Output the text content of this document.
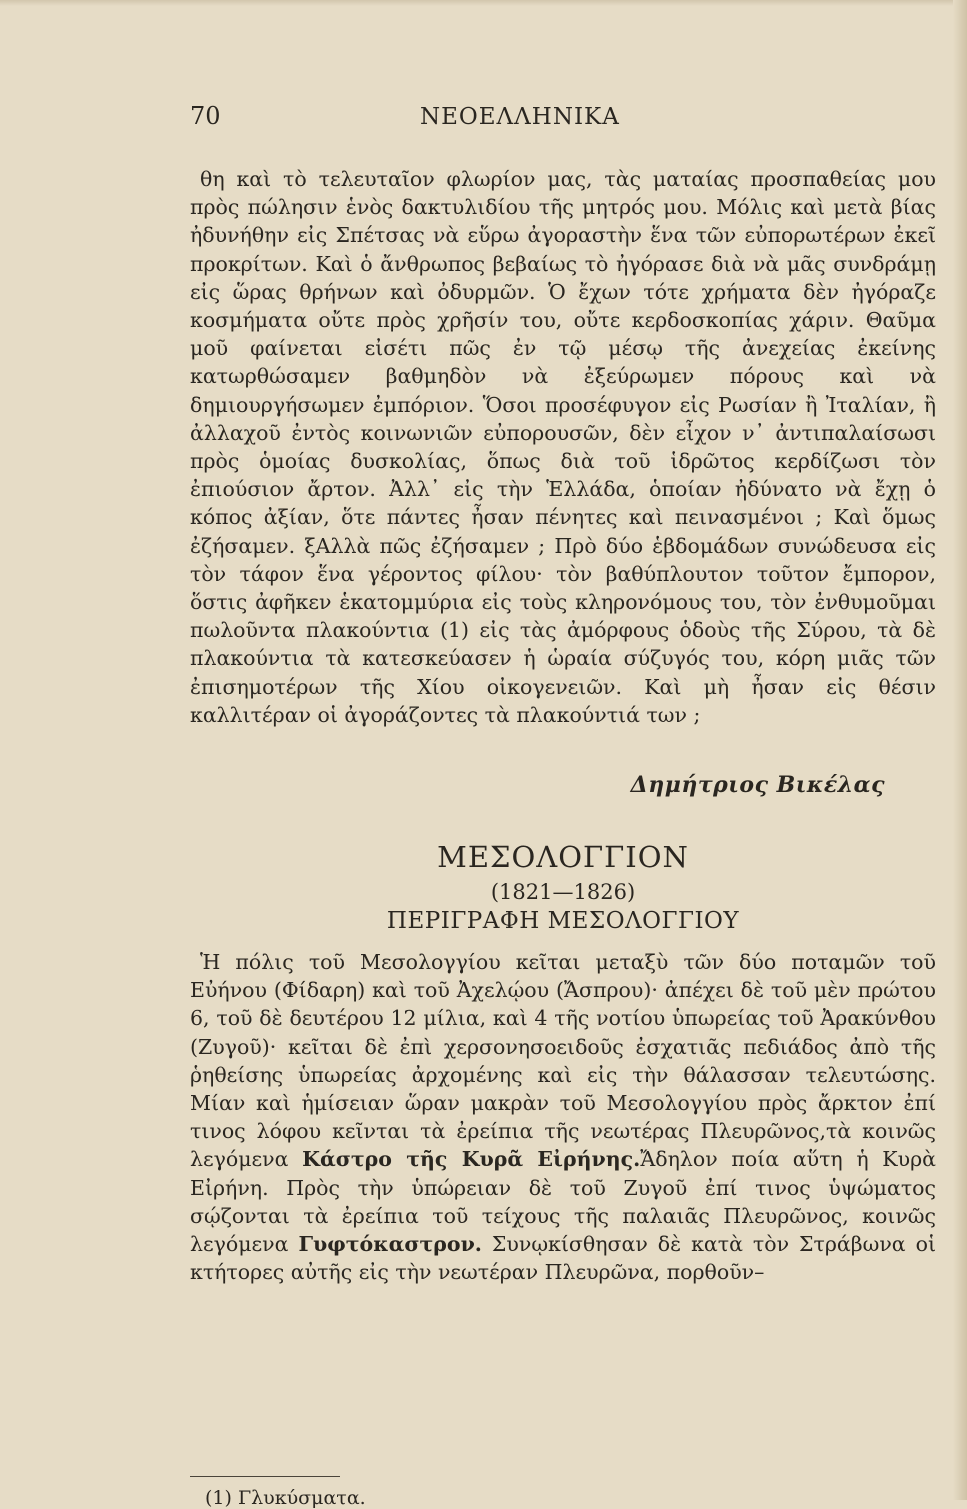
70	ΝΕΟΕΛΛΗΝΙΚΑ

θη καὶ τὸ τελευταῖον φλωρίον μας, τὰς ματαίας προσπαθείας μου πρὸς πώλησιν ἑνὸς δακτυλιδίου τῆς μητρός μου. Μόλις καὶ μετὰ βίας ἠδυνήθην εἰς Σπέτσας νὰ εὕρω ἀγοραστὴν ἕνα τῶν εὐπορωτέρων ἐκεῖ προκρίτων. Καὶ ὁ ἄνθρωπος βεβαίως τὸ ἠγόρασε διὰ νὰ μᾶς συνδράμῃ εἰς ὥρας θρήνων καὶ ὀδυρμῶν. Ὁ ἔχων τότε χρήματα δὲν ἠγόραζε κοσμήματα οὔτε πρὸς χρῆσίν του, οὔτε κερδοσκοπίας χάριν. Θαῦμα μοῦ φαίνεται εἰσέτι πῶς ἐν τῷ μέσῳ τῆς ἀνεχείας ἐκείνης κατωρθώσαμεν βαθμηδὸν νὰ ἐξεύρωμεν πόρους καὶ νὰ δημιουργήσωμεν ἐμπόριον. Ὅσοι προσέφυγον εἰς Ρωσίαν ἢ Ἰταλίαν, ἢ ἀλλαχοῦ ἐντὸς κοινωνιῶν εὐπορουσῶν, δὲν εἶχον ν᾽ ἀντιπαλαίσωσι πρὸς ὁμοίας δυσκολίας, ὅπως διὰ τοῦ ἱδρῶτος κερδίζωσι τὸν ἐπιούσιον ἄρτον. Ἀλλ᾽ εἰς τὴν Ἑλλάδα, ὁποίαν ἠδύνατο νὰ ἔχῃ ὁ κόπος ἀξίαν, ὅτε πάντες ἦσαν πένητες καὶ πεινασμένοι ; Καὶ ὅμως ἐζήσαμεν. ξΑλλὰ πῶς ἐζήσαμεν ; Πρὸ δύο ἑβδομάδων συνώδευσα εἰς τὸν τάφον ἕνα γέροντος φίλου· τὸν βαθύπλουτον τοῦτον ἔμπορον, ὅστις ἀφῆκεν ἑκατομμύρια εἰς τοὺς κληρονόμους του, τὸν ἐνθυμοῦμαι πωλοῦντα πλακούντια (1) εἰς τὰς ἀμόρφους ὁδοὺς τῆς Σύρου, τὰ δὲ πλακούντια τὰ κατεσκεύασεν ἡ ὡραία σύζυγός του, κόρη μιᾶς τῶν ἐπισημοτέρων τῆς Χίου οἰκογενειῶν. Καὶ μὴ ἦσαν εἰς θέσιν καλλιτέραν οἱ ἀγοράζοντες τὰ πλακούντιά των ;

Δημήτριος Βικέλας
ΜΕΣΟΛΟΓΓΙΟΝ
(1821—1826)
ΠΕΡΙΓΡΑΦΗ ΜΕΣΟΛΟΓΓΙΟΥ

Ἡ πόλις τοῦ Μεσολογγίου κεῖται μεταξὺ τῶν δύο ποταμῶν τοῦ Εὐήνου (Φίδαρη) καὶ τοῦ Ἀχελῴου (Ἄσπρου)· ἀπέχει δὲ τοῦ μὲν πρώτου 6, τοῦ δὲ δευτέρου 12 μίλια, καὶ 4 τῆς νοτίου ὑπωρείας τοῦ Ἀρακύνθου (Ζυγοῦ)· κεῖται δὲ ἐπὶ χερσονησοειδοῦς ἐσχατιᾶς πεδιάδος ἀπὸ τῆς ῥηθείσης ὑπωρείας ἀρχομένης καὶ εἰς τὴν θάλασσαν τελευτώσης. Μίαν καὶ ἡμίσειαν ὥραν μακρὰν τοῦ Μεσολογγίου πρὸς ἄρκτον ἐπί τινος λόφου κεῖνται τὰ ἐρείπια τῆς νεωτέρας Πλευρῶνος,τὰ κοινῶς λεγόμενα Κάστρο τῆς Κυρᾶ Εἰρήνης.Ἄδηλον ποία αὕτη ἡ Κυρὰ Εἰρήνη. Πρὸς τὴν ὑπώρειαν δὲ τοῦ Ζυγοῦ ἐπί τινος ὑψώματος σῴζονται τὰ ἐρείπια τοῦ τείχους τῆς παλαιᾶς Πλευρῶνος, κοινῶς λεγόμενα Γυφτόκαστρον. Συνῳκίσθησαν δὲ κατὰ τὸν Στράβωνα οἱ κτήτορες αὐτῆς εἰς τὴν νεωτέραν Πλευρῶνα, πορθοῦν–

(1) Γλυκύσματα.
